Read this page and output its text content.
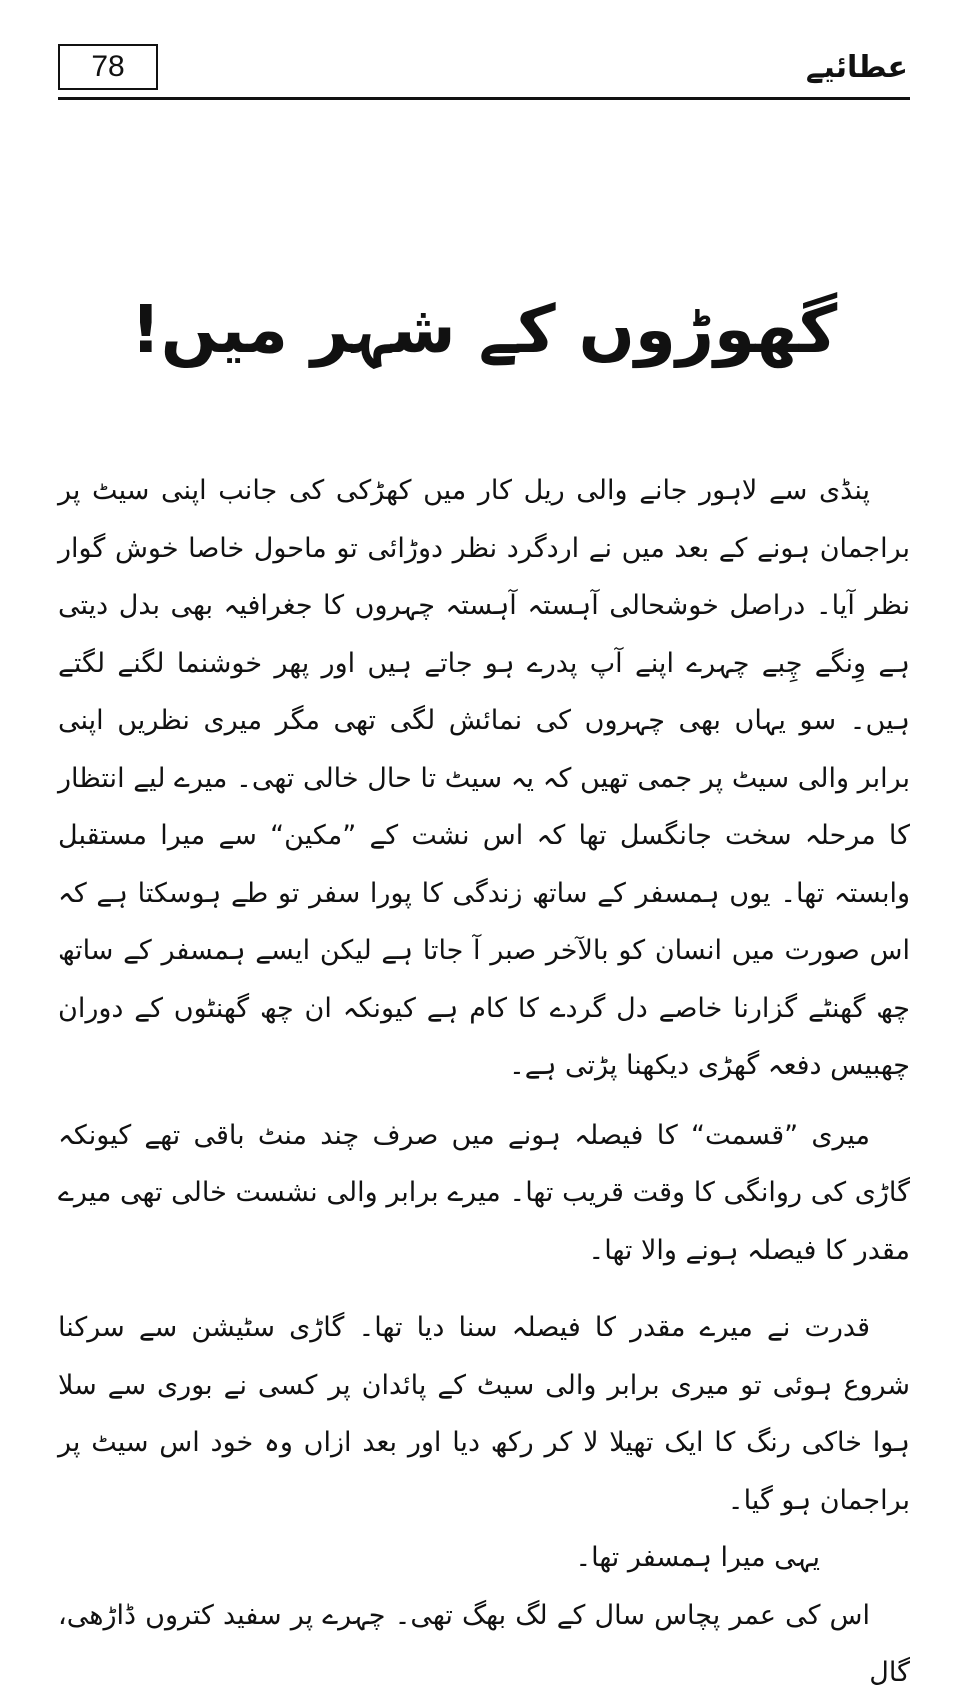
78	عطائیے
گھوڑوں کے شہر میں!

پنڈی سے لاہور جانے والی ریل کار میں کھڑکی کی جانب اپنی سیٹ پر براجمان ہونے کے بعد میں نے اردگرد نظر دوڑائی تو ماحول خاصا خوش گوار نظر آیا۔ دراصل خوشحالی آہستہ آہستہ چہروں کا جغرافیہ بھی بدل دیتی ہے وِنگے چِبے چہرے اپنے آپ پدرے ہو جاتے ہیں اور پھر خوشنما لگنے لگتے ہیں۔ سو یہاں بھی چہروں کی نمائش لگی تھی مگر میری نظریں اپنی برابر والی سیٹ پر جمی تھیں کہ یہ سیٹ تا حال خالی تھی۔ میرے لیے انتظار کا مرحلہ سخت جانگسل تھا کہ اس نشت کے ”مکین“ سے میرا مستقبل وابستہ تھا۔ یوں ہمسفر کے ساتھ زندگی کا پورا سفر تو طے ہوسکتا ہے کہ اس صورت میں انسان کو بالآخر صبر آ جاتا ہے لیکن ایسے ہمسفر کے ساتھ چھ گھنٹے گزارنا خاصے دل گردے کا کام ہے کیونکہ ان چھ گھنٹوں کے دوران چھبیس دفعہ گھڑی دیکھنا پڑتی ہے۔

میری ”قسمت“ کا فیصلہ ہونے میں صرف چند منٹ باقی تھے کیونکہ گاڑی کی روانگی کا وقت قریب تھا۔ میرے برابر والی نشست خالی تھی میرے مقدر کا فیصلہ ہونے والا تھا۔

قدرت نے میرے مقدر کا فیصلہ سنا دیا تھا۔ گاڑی سٹیشن سے سرکنا شروع ہوئی تو میری برابر والی سیٹ کے پائدان پر کسی نے بوری سے سلا ہوا خاکی رنگ کا ایک تھیلا لا کر رکھ دیا اور بعد ازاں وہ خود اس سیٹ پر براجمان ہو گیا۔

یہی میرا ہمسفر تھا۔

اس کی عمر پچاس سال کے لگ بھگ تھی۔ چہرے پر سفید کتروں ڈاڑھی، گال
